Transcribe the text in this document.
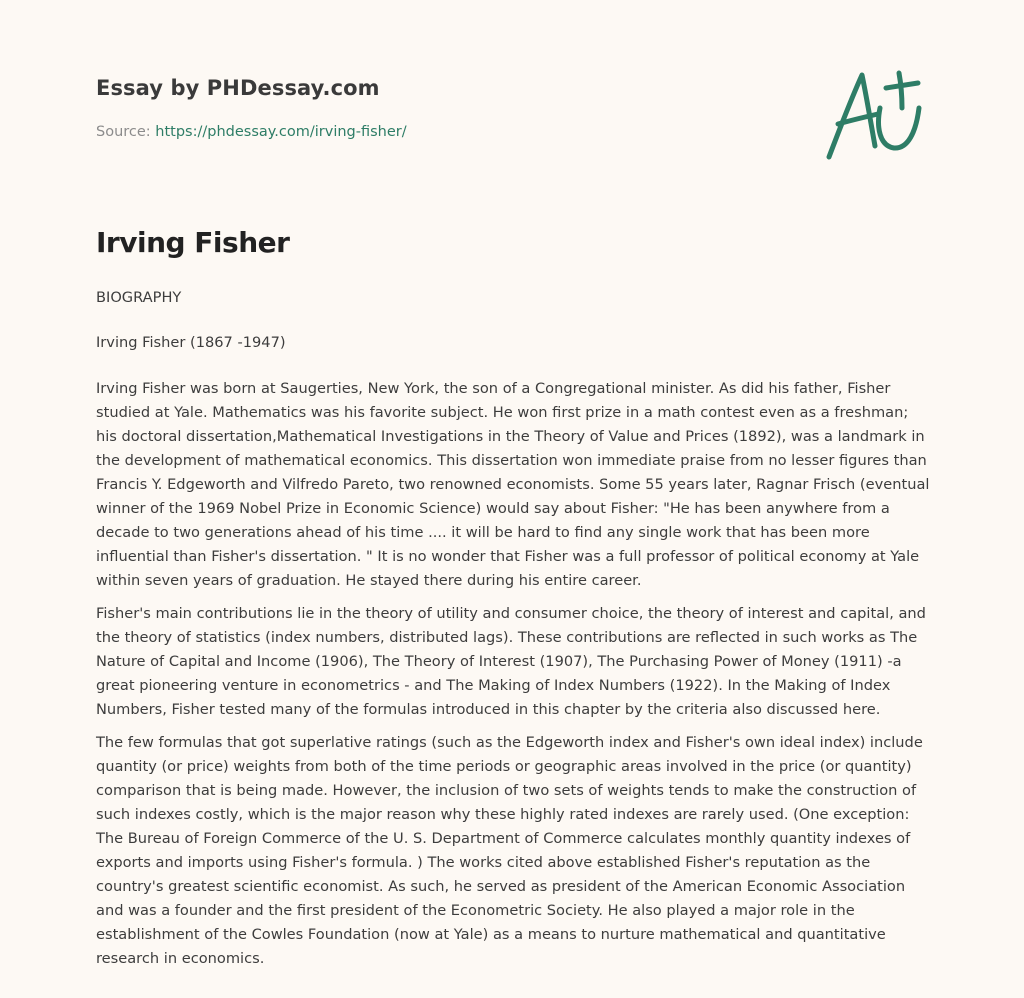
Essay by PHDessay.com

Source: https://phdessay.com/irving-fisher/

Irving Fisher

BIOGRAPHY

Irving Fisher (1867 -1947)

Irving Fisher was born at Saugerties, New York, the son of a Congregational minister. As did his father, Fisher studied at Yale. Mathematics was his favorite subject. He won first prize in a math contest even as a freshman; his doctoral dissertation,Mathematical Investigations in the Theory of Value and Prices (1892), was a landmark in the development of mathematical economics. This dissertation won immediate praise from no lesser figures than Francis Y. Edgeworth and Vilfredo Pareto, two renowned economists. Some 55 years later, Ragnar Frisch (eventual winner of the 1969 Nobel Prize in Economic Science) would say about Fisher: "He has been anywhere from a decade to two generations ahead of his time .... it will be hard to find any single work that has been more influential than Fisher's dissertation. " It is no wonder that Fisher was a full professor of political economy at Yale within seven years of graduation. He stayed there during his entire career.

Fisher's main contributions lie in the theory of utility and consumer choice, the theory of interest and capital, and the theory of statistics (index numbers, distributed lags). These contributions are reflected in such works as The Nature of Capital and Income (1906), The Theory of Interest (1907), The Purchasing Power of Money (1911) -a great pioneering venture in econometrics - and The Making of Index Numbers (1922). In the Making of Index Numbers, Fisher tested many of the formulas introduced in this chapter by the criteria also discussed here.

The few formulas that got superlative ratings (such as the Edgeworth index and Fisher's own ideal index) include quantity (or price) weights from both of the time periods or geographic areas involved in the price (or quantity) comparison that is being made. However, the inclusion of two sets of weights tends to make the construction of such indexes costly, which is the major reason why these highly rated indexes are rarely used. (One exception: The Bureau of Foreign Commerce of the U. S. Department of Commerce calculates monthly quantity indexes of exports and imports using Fisher's formula. ) The works cited above established Fisher's reputation as the country's greatest scientific economist. As such, he served as president of the American Economic Association and was a founder and the first president of the Econometric Society. He also played a major role in the establishment of the Cowles Foundation (now at Yale) as a means to nurture mathematical and quantitative research in economics.
